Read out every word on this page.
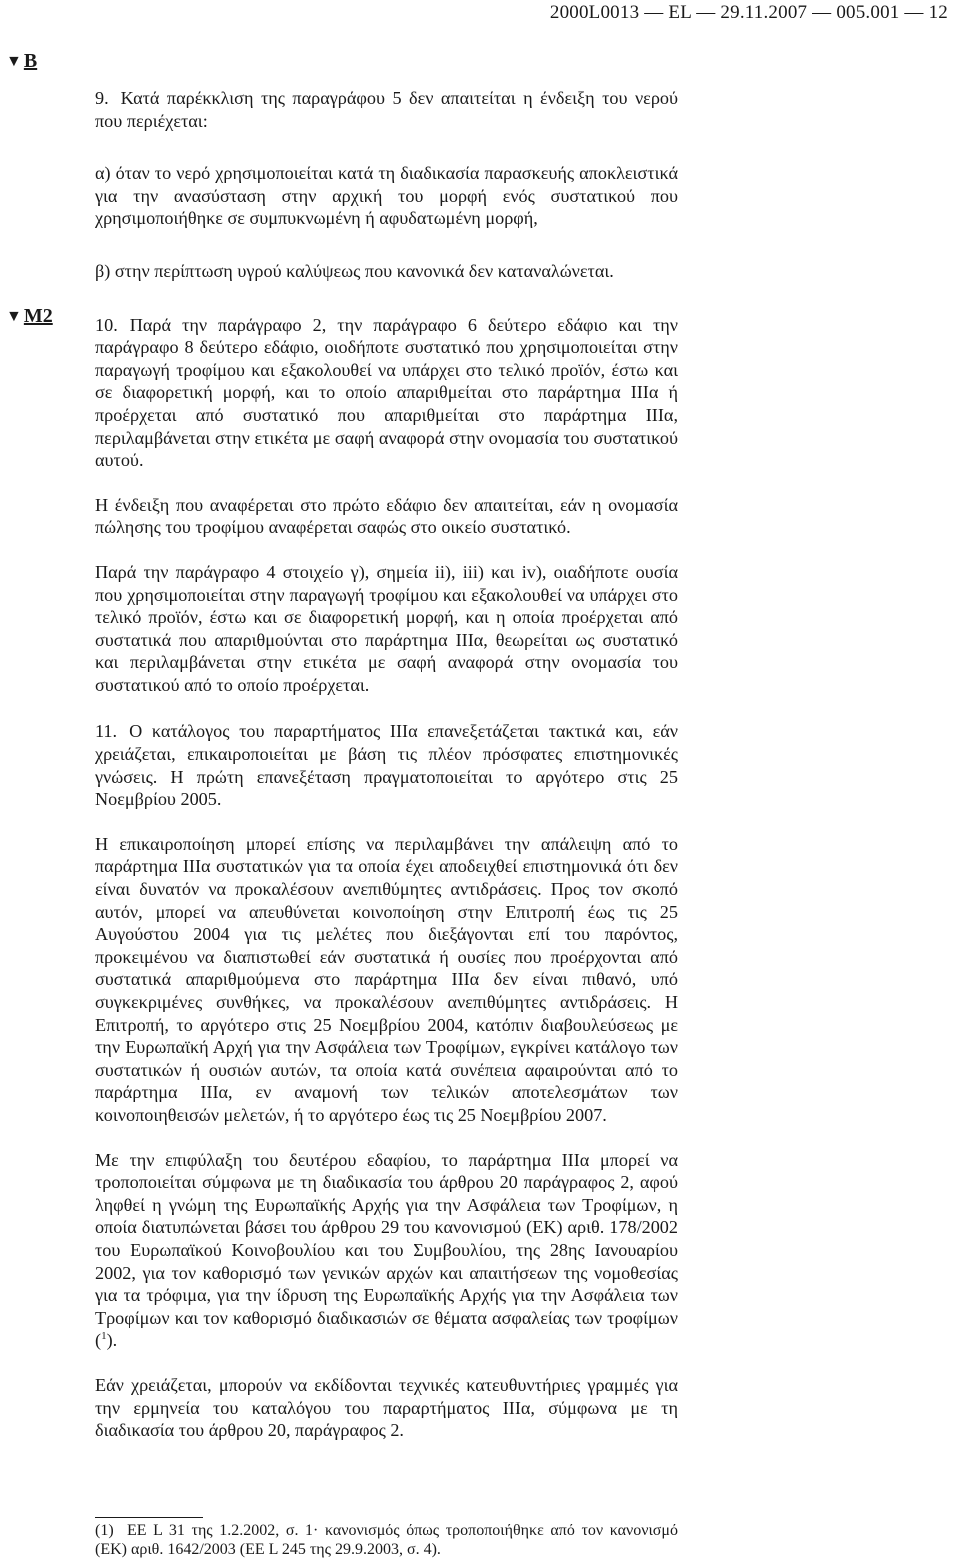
2000L0013 — EL — 29.11.2007 — 005.001 — 12
▼ B
▼ M2

9. Κατά παρέκκλιση της παραγράφου 5 δεν απαιτείται η ένδειξη του νερού που περιέχεται:

α) όταν το νερό χρησιμοποιείται κατά τη διαδικασία παρασκευής αποκλειστικά για την ανασύσταση στην αρχική του μορφή ενός συστατικού που χρησιμοποιήθηκε σε συμπυκνωμένη ή αφυδατωμένη μορφή,

β) στην περίπτωση υγρού καλύψεως που κανονικά δεν καταναλώνεται.

10. Παρά την παράγραφο 2, την παράγραφο 6 δεύτερο εδάφιο και την παράγραφο 8 δεύτερο εδάφιο, οιοδήποτε συστατικό που χρησιμοποιείται στην παραγωγή τροφίμου και εξακολουθεί να υπάρχει στο τελικό προϊόν, έστω και σε διαφορετική μορφή, και το οποίο απαριθμείται στο παράρτημα ΙΙΙα ή προέρχεται από συστατικό που απαριθμείται στο παράρτημα ΙΙΙα, περιλαμβάνεται στην ετικέτα με σαφή αναφορά στην ονομασία του συστατικού αυτού.

Η ένδειξη που αναφέρεται στο πρώτο εδάφιο δεν απαιτείται, εάν η ονομασία πώλησης του τροφίμου αναφέρεται σαφώς στο οικείο συστατικό.

Παρά την παράγραφο 4 στοιχείο γ), σημεία ii), iii) και iv), οιαδήποτε ουσία που χρησιμοποιείται στην παραγωγή τροφίμου και εξακολουθεί να υπάρχει στο τελικό προϊόν, έστω και σε διαφορετική μορφή, και η οποία προέρχεται από συστατικά που απαριθμούνται στο παράρτημα ΙΙΙα, θεωρείται ως συστατικό και περιλαμβάνεται στην ετικέτα με σαφή αναφορά στην ονομασία του συστατικού από το οποίο προέρχεται.

11. Ο κατάλογος του παραρτήματος ΙΙΙα επανεξετάζεται τακτικά και, εάν χρειάζεται, επικαιροποιείται με βάση τις πλέον πρόσφατες επιστημονικές γνώσεις. Η πρώτη επανεξέταση πραγματοποιείται το αργότερο στις 25 Νοεμβρίου 2005.

Η επικαιροποίηση μπορεί επίσης να περιλαμβάνει την απάλειψη από το παράρτημα ΙΙΙα συστατικών για τα οποία έχει αποδειχθεί επιστημονικά ότι δεν είναι δυνατόν να προκαλέσουν ανεπιθύμητες αντιδράσεις. Προς τον σκοπό αυτόν, μπορεί να απευθύνεται κοινοποίηση στην Επιτροπή έως τις 25 Αυγούστου 2004 για τις μελέτες που διεξάγονται επί του παρόντος, προκειμένου να διαπιστωθεί εάν συστατικά ή ουσίες που προέρχονται από συστατικά απαριθμούμενα στο παράρτημα ΙΙΙα δεν είναι πιθανό, υπό συγκεκριμένες συνθήκες, να προκαλέσουν ανεπιθύμητες αντιδράσεις. Η Επιτροπή, το αργότερο στις 25 Νοεμβρίου 2004, κατόπιν διαβουλεύσεως με την Ευρωπαϊκή Αρχή για την Ασφάλεια των Τροφίμων, εγκρίνει κατάλογο των συστατικών ή ουσιών αυτών, τα οποία κατά συνέπεια αφαιρούνται από το παράρτημα ΙΙΙα, εν αναμονή των τελικών αποτελεσμάτων των κοινοποιηθεισών μελετών, ή το αργότερο έως τις 25 Νοεμβρίου 2007.

Με την επιφύλαξη του δευτέρου εδαφίου, το παράρτημα ΙΙΙα μπορεί να τροποποιείται σύμφωνα με τη διαδικασία του άρθρου 20 παράγραφος 2, αφού ληφθεί η γνώμη της Ευρωπαϊκής Αρχής για την Ασφάλεια των Τροφίμων, η οποία διατυπώνεται βάσει του άρθρου 29 του κανονισμού (ΕΚ) αριθ. 178/2002 του Ευρωπαϊκού Κοινοβουλίου και του Συμβουλίου, της 28ης Ιανουαρίου 2002, για τον καθορισμό των γενικών αρχών και απαιτήσεων της νομοθεσίας για τα τρόφιμα, για την ίδρυση της Ευρωπαϊκής Αρχής για την Ασφάλεια των Τροφίμων και τον καθορισμό διαδικασιών σε θέματα ασφαλείας των τροφίμων ($^1$).

Εάν χρειάζεται, μπορούν να εκδίδονται τεχνικές κατευθυντήριες γραμμές για την ερμηνεία του καταλόγου του παραρτήματος ΙΙΙα, σύμφωνα με τη διαδικασία του άρθρου 20, παράγραφος 2.

(1) ΕΕ L 31 της 1.2.2002, σ. 1· κανονισμός όπως τροποποιήθηκε από τον κανονισμό (ΕΚ) αριθ. 1642/2003 (ΕΕ L 245 της 29.9.2003, σ. 4).
